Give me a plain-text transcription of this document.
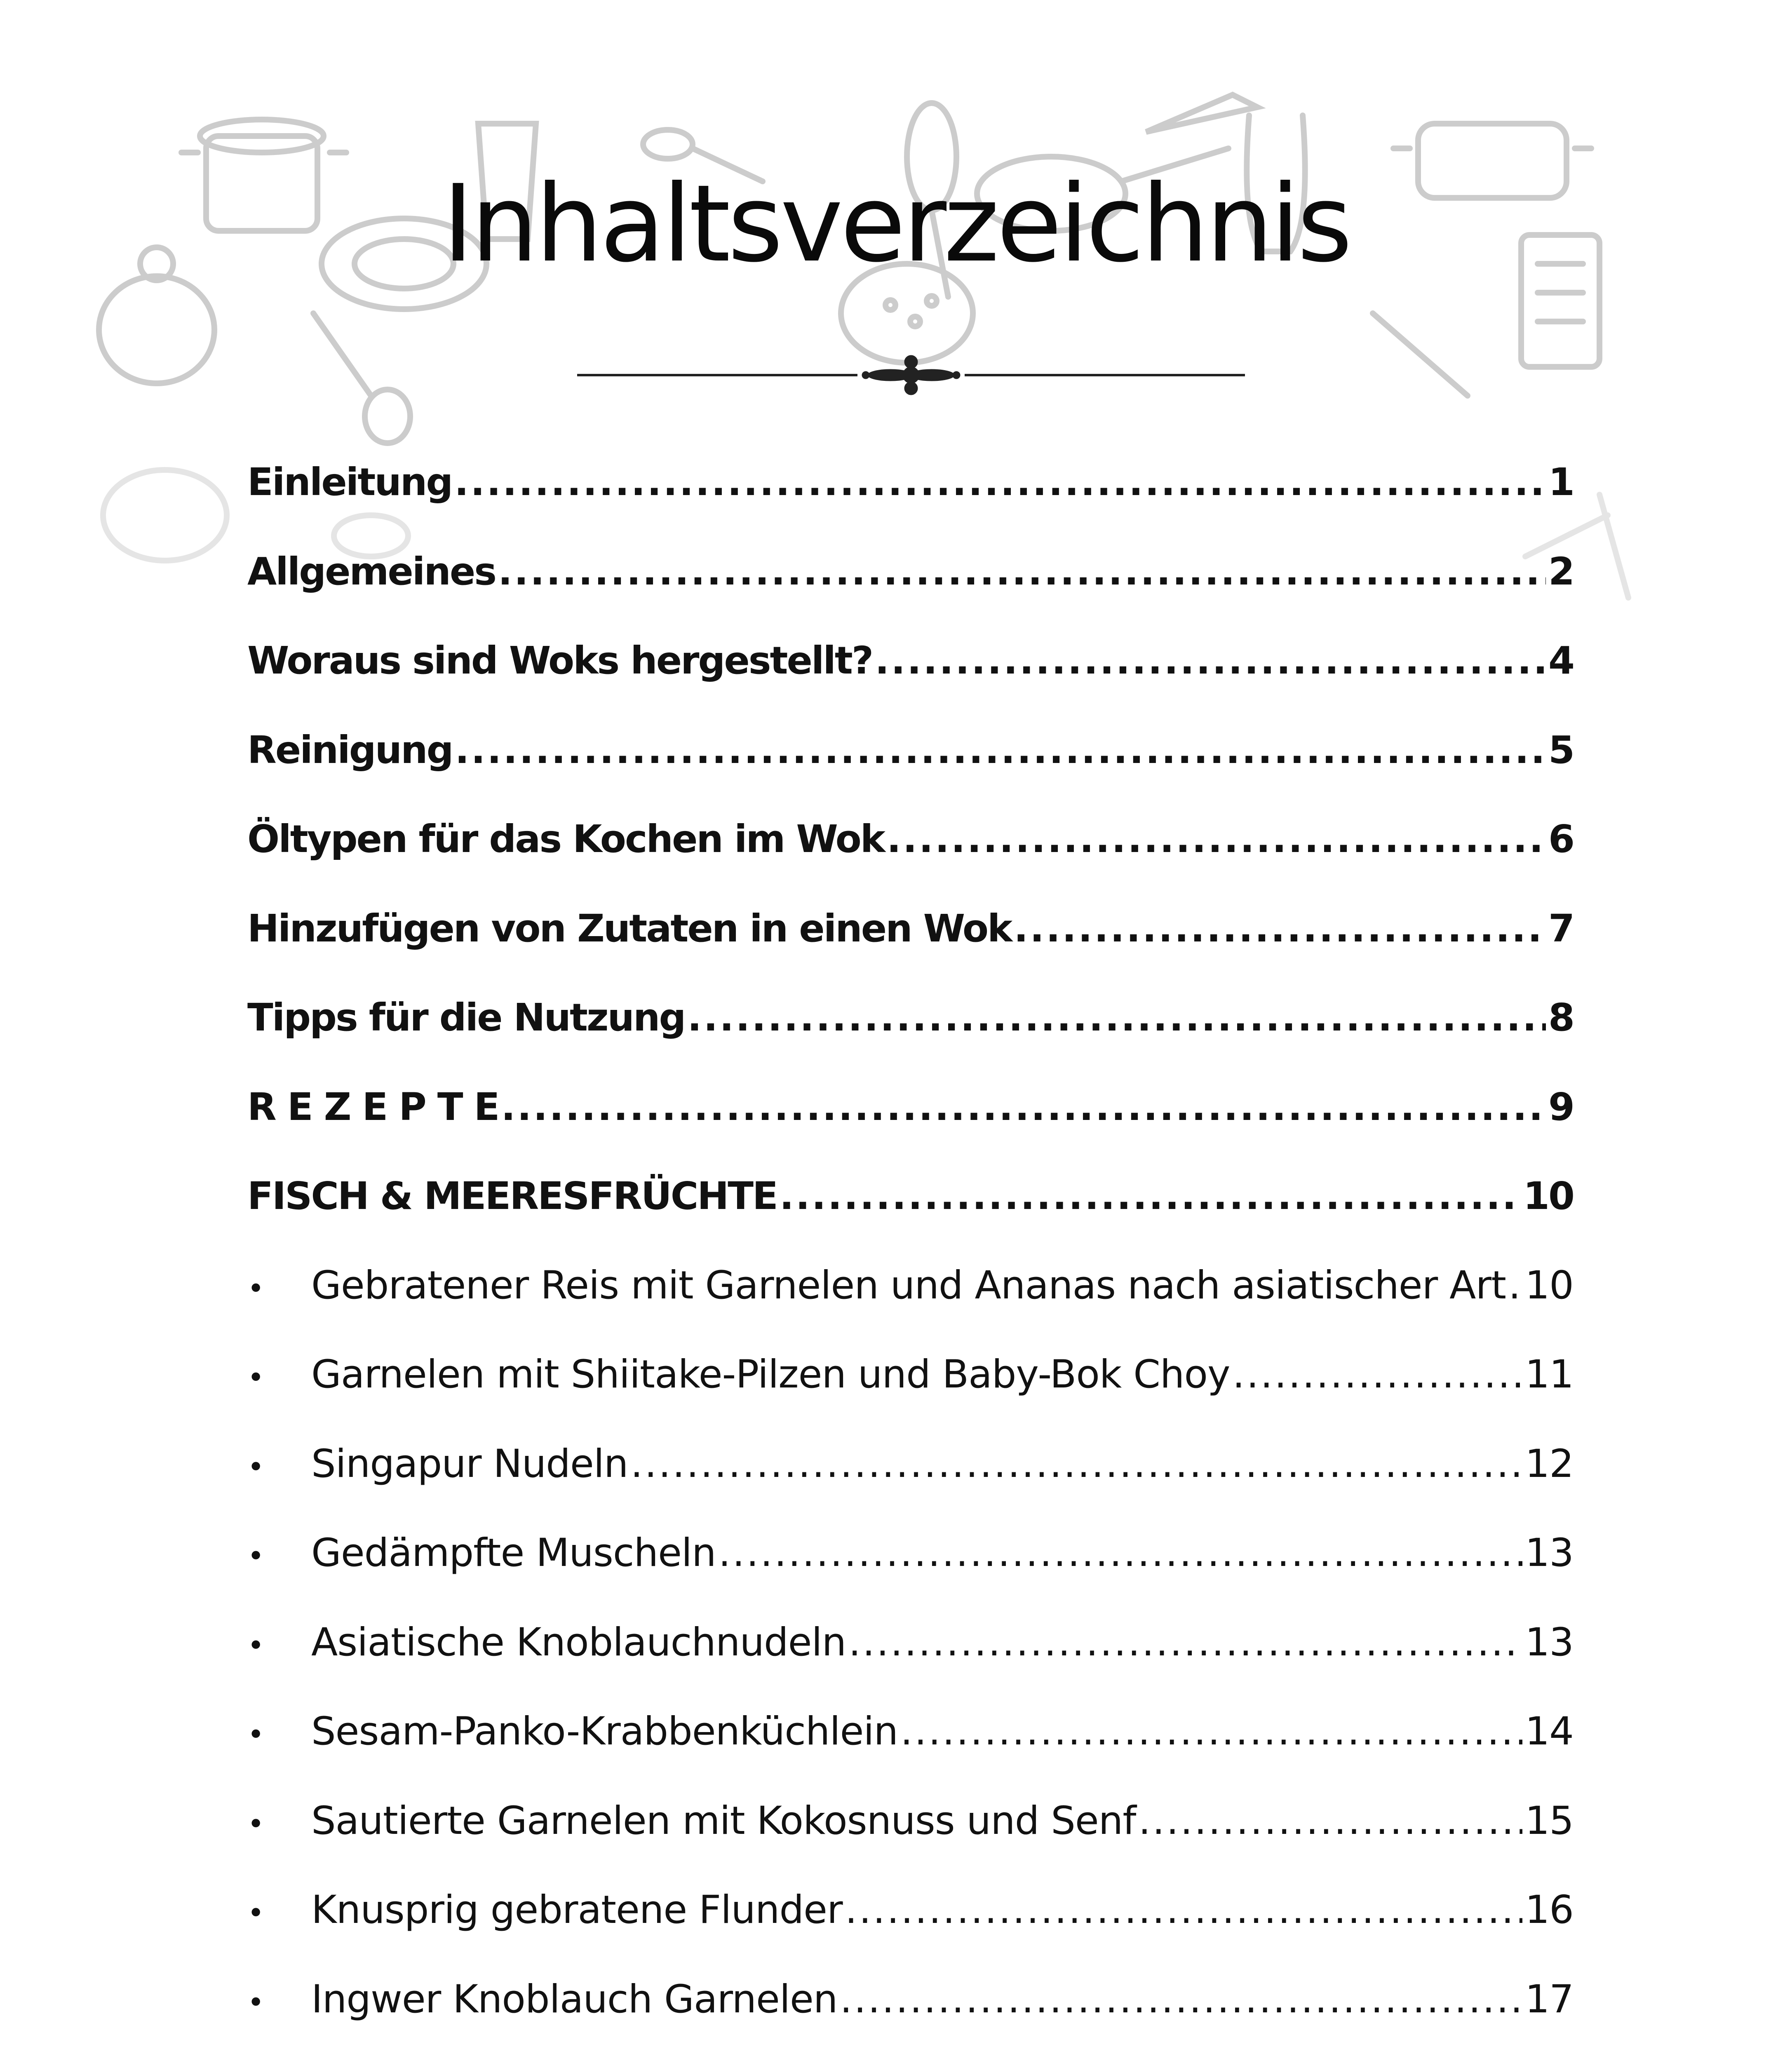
Inhaltsverzeichnis
Einleitung .....	1
Allgemeines .....	2
Woraus sind Woks hergestellt? .....	4
Reinigung .....	5
Öltypen für das Kochen im Wok .....	6
Hinzufügen von Zutaten in einen Wok .....	7
Tipps für die Nutzung .....	8
R E Z E P T E .....	9
FISCH & MEERESFRÜCHTE .....	10
•	Gebratener Reis mit Garnelen und Ananas nach asiatischer Art ..... 10
•	Garnelen mit Shiitake-Pilzen und Baby-Bok Choy .....	11
•	Singapur Nudeln .....	12
•	Gedämpfte Muscheln .....	13
•	Asiatische Knoblauchnudeln .....	13
•	Sesam-Panko-Krabbenküchlein .....	14
•	Sautierte Garnelen mit Kokosnuss und Senf .....	15
•	Knusprig gebratene Flunder .....	16
•	Ingwer Knoblauch Garnelen .....	17
.....
